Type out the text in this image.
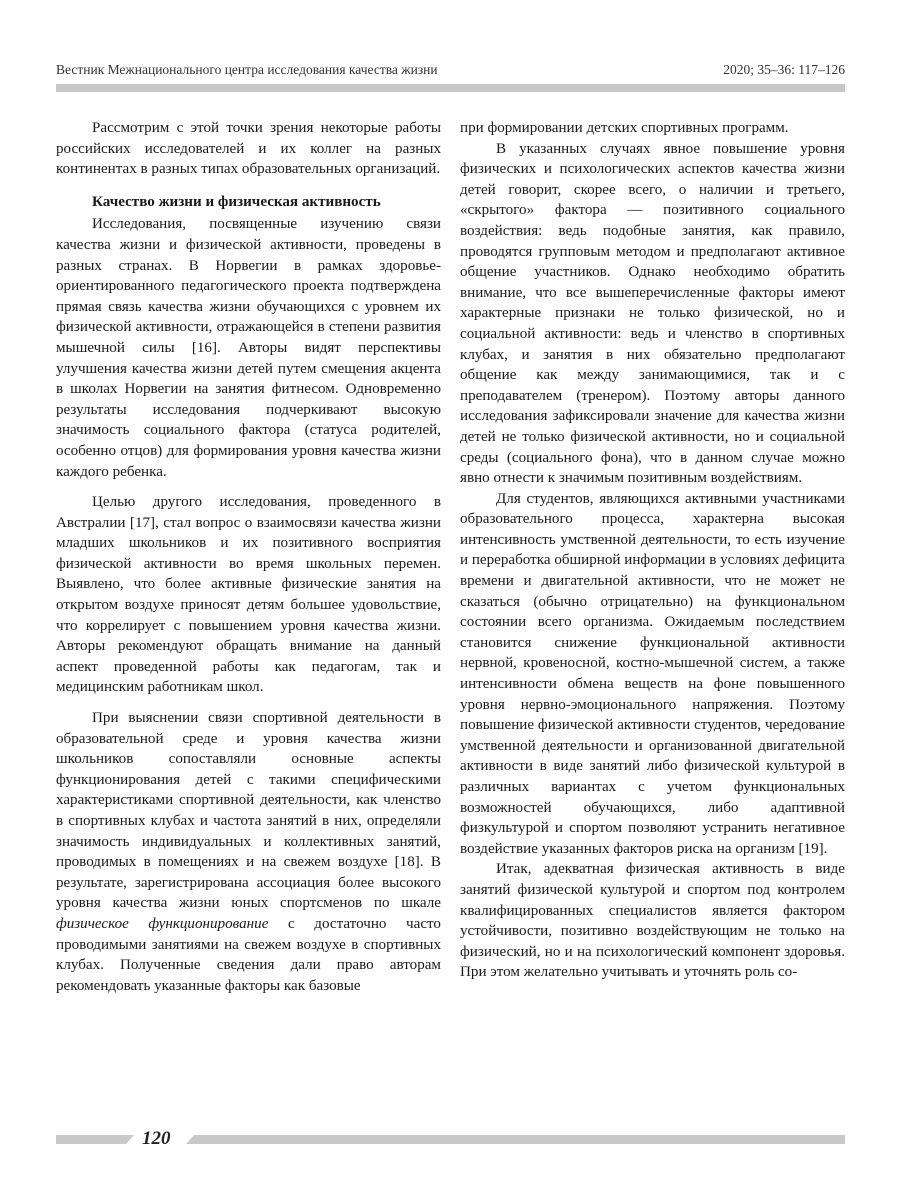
Вестник Межнационального центра исследования качества жизни	2020; 35–36: 117–126

Рассмотрим с этой точки зрения некоторые работы российских исследователей и их коллег на разных континентах в разных типах образовательных организаций.

Качество жизни и физическая активность

Исследования, посвященные изучению связи качества жизни и физической активности, проведены в разных странах. В Норвегии в рамках здоровье-ориентированного педагогического проекта подтверждена прямая связь качества жизни обучающихся с уровнем их физической активности, отражающейся в степени развития мышечной силы [16]. Авторы видят перспективы улучшения качества жизни детей путем смещения акцента в школах Норвегии на занятия фитнесом. Одновременно результаты исследования подчеркивают высокую значимость социального фактора (статуса родителей, особенно отцов) для формирования уровня качества жизни каждого ребенка.

Целью другого исследования, проведенного в Австралии [17], стал вопрос о взаимосвязи качества жизни младших школьников и их позитивного восприятия физической активности во время школьных перемен. Выявлено, что более активные физические занятия на открытом воздухе приносят детям большее удовольствие, что коррелирует с повышением уровня качества жизни. Авторы рекомендуют обращать внимание на данный аспект проведенной работы как педагогам, так и медицинским работникам школ.

При выяснении связи спортивной деятельности в образовательной среде и уровня качества жизни школьников сопоставляли основные аспекты функционирования детей с такими специфическими характеристиками спортивной деятельности, как членство в спортивных клубах и частота занятий в них, определяли значимость индивидуальных и коллективных занятий, проводимых в помещениях и на свежем воздухе [18]. В результате, зарегистрирована ассоциация более высокого уровня качества жизни юных спортсменов по шкале физическое функционирование с достаточно часто проводимыми занятиями на свежем воздухе в спортивных клубах. Полученные сведения дали право авторам рекомендовать указанные факторы как базовые

при формировании детских спортивных программ.

В указанных случаях явное повышение уровня физических и психологических аспектов качества жизни детей говорит, скорее всего, о наличии и третьего, «скрытого» фактора — позитивного социального воздействия: ведь подобные занятия, как правило, проводятся групповым методом и предполагают активное общение участников. Однако необходимо обратить внимание, что все вышеперечисленные факторы имеют характерные признаки не только физической, но и социальной активности: ведь и членство в спортивных клубах, и занятия в них обязательно предполагают общение как между занимающимися, так и с преподавателем (тренером). Поэтому авторы данного исследования зафиксировали значение для качества жизни детей не только физической активности, но и социальной среды (социального фона), что в данном случае можно явно отнести к значимым позитивным воздействиям.

Для студентов, являющихся активными участниками образовательного процесса, характерна высокая интенсивность умственной деятельности, то есть изучение и переработка обширной информации в условиях дефицита времени и двигательной активности, что не может не сказаться (обычно отрицательно) на функциональном состоянии всего организма. Ожидаемым последствием становится снижение функциональной активности нервной, кровеносной, костно-мышечной систем, а также интенсивности обмена веществ на фоне повышенного уровня нервно-эмоционального напряжения. Поэтому повышение физической активности студентов, чередование умственной деятельности и организованной двигательной активности в виде занятий либо физической культурой в различных вариантах с учетом функциональных возможностей обучающихся, либо адаптивной физкультурой и спортом позволяют устранить негативное воздействие указанных факторов риска на организм [19].

Итак, адекватная физическая активность в виде занятий физической культурой и спортом под контролем квалифицированных специалистов является фактором устойчивости, позитивно воздействующим не только на физический, но и на психологический компонент здоровья. При этом желательно учитывать и уточнять роль со-

120
